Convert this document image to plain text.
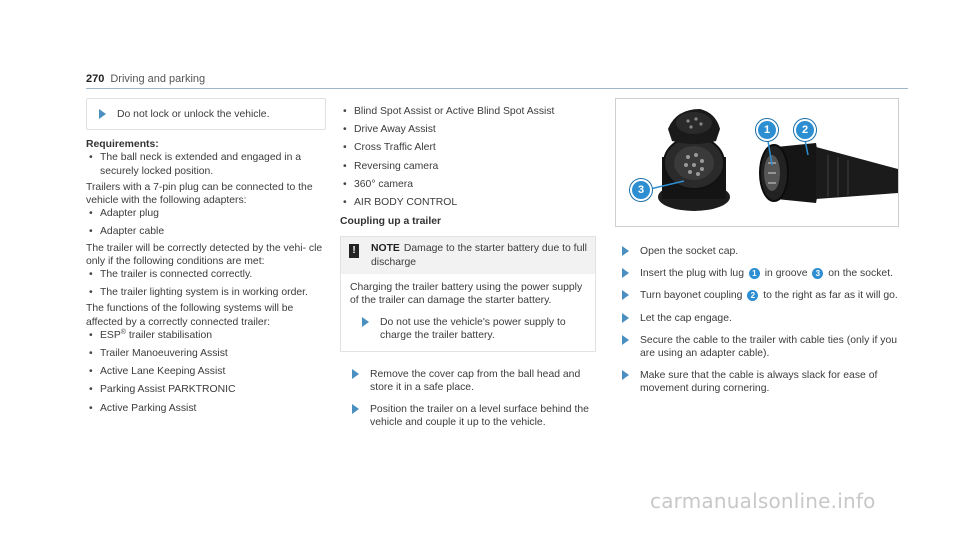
270 Driving and parking
Do not lock or unlock the vehicle.
Requirements:
• The ball neck is extended and engaged in a securely locked position.

Trailers with a 7-pin plug can be connected to the vehicle with the following adapters:

• Adapter plug
• Adapter cable

The trailer will be correctly detected by the vehi- cle only if the following conditions are met:

• The trailer is connected correctly.
• The trailer lighting system is in working order.

The functions of the following systems will be affected by a correctly connected trailer:

• ESP® trailer stabilisation
• Trailer Manoeuvering Assist
• Active Lane Keeping Assist
• Parking Assist PARKTRONIC
• Active Parking Assist
• Blind Spot Assist or Active Blind Spot Assist
• Drive Away Assist
• Cross Traffic Alert
• Reversing camera
• 360° camera
• AIR BODY CONTROL
Coupling up a trailer
!	NOTE Damage to the starter battery due to full discharge

Charging the trailer battery using the power supply of the trailer can damage the starter battery.

Do not use the vehicle's power supply to charge the trailer battery.
Remove the cover cap from the ball head and store it in a safe place.
Position the trailer on a level surface behind the vehicle and couple it up to the vehicle.
1	2
3
Open the socket cap.
Insert the plug with lug 1 in groove 3 on the socket.
Turn bayonet coupling 2 to the right as far as it will go.
Let the cap engage.
Secure the cable to the trailer with cable ties (only if you are using an adapter cable).
Make sure that the cable is always slack for ease of movement during cornering.
carmanualsonline.info
